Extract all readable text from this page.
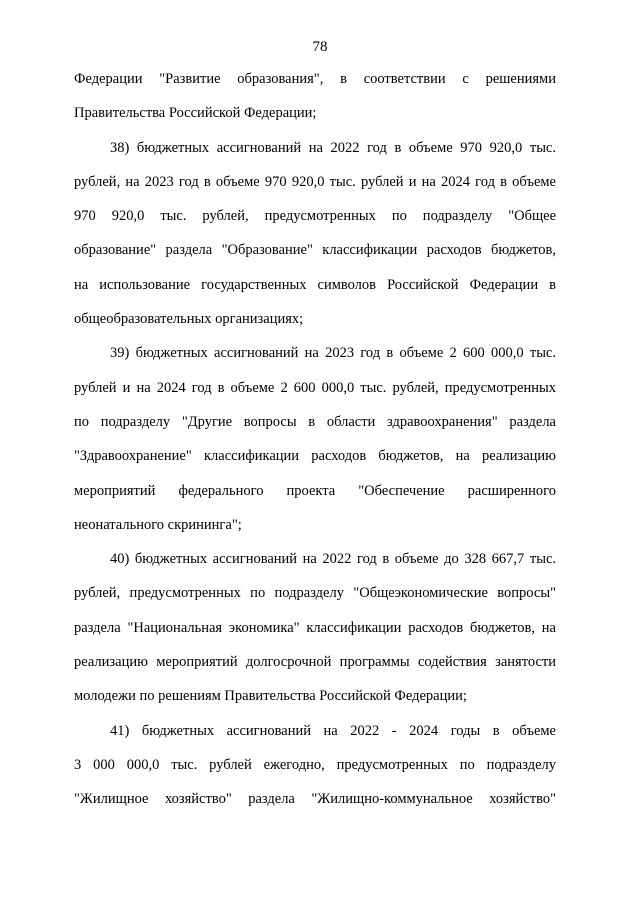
78
Федерации "Развитие образования", в соответствии с решениями
Правительства Российской Федерации;
38) бюджетных ассигнований на 2022 год в объеме 970 920,0 тыс.
рублей, на 2023 год в объеме 970 920,0 тыс. рублей и на 2024 год в объеме
970 920,0 тыс. рублей, предусмотренных по подразделу "Общее
образование" раздела "Образование" классификации расходов бюджетов,
на использование государственных символов Российской Федерации в
общеобразовательных организациях;
39) бюджетных ассигнований на 2023 год в объеме 2 600 000,0 тыс.
рублей и на 2024 год в объеме 2 600 000,0 тыс. рублей, предусмотренных
по подразделу "Другие вопросы в области здравоохранения" раздела
"Здравоохранение" классификации расходов бюджетов, на реализацию
мероприятий федерального проекта "Обеспечение расширенного
неонатального скрининга";
40) бюджетных ассигнований на 2022 год в объеме до 328 667,7 тыс.
рублей, предусмотренных по подразделу "Общеэкономические вопросы"
раздела "Национальная экономика" классификации расходов бюджетов, на
реализацию мероприятий долгосрочной программы содействия занятости
молодежи по решениям Правительства Российской Федерации;
41) бюджетных ассигнований на 2022 - 2024 годы в объеме
3 000 000,0 тыс. рублей ежегодно, предусмотренных по подразделу
"Жилищное хозяйство" раздела "Жилищно-коммунальное хозяйство"
